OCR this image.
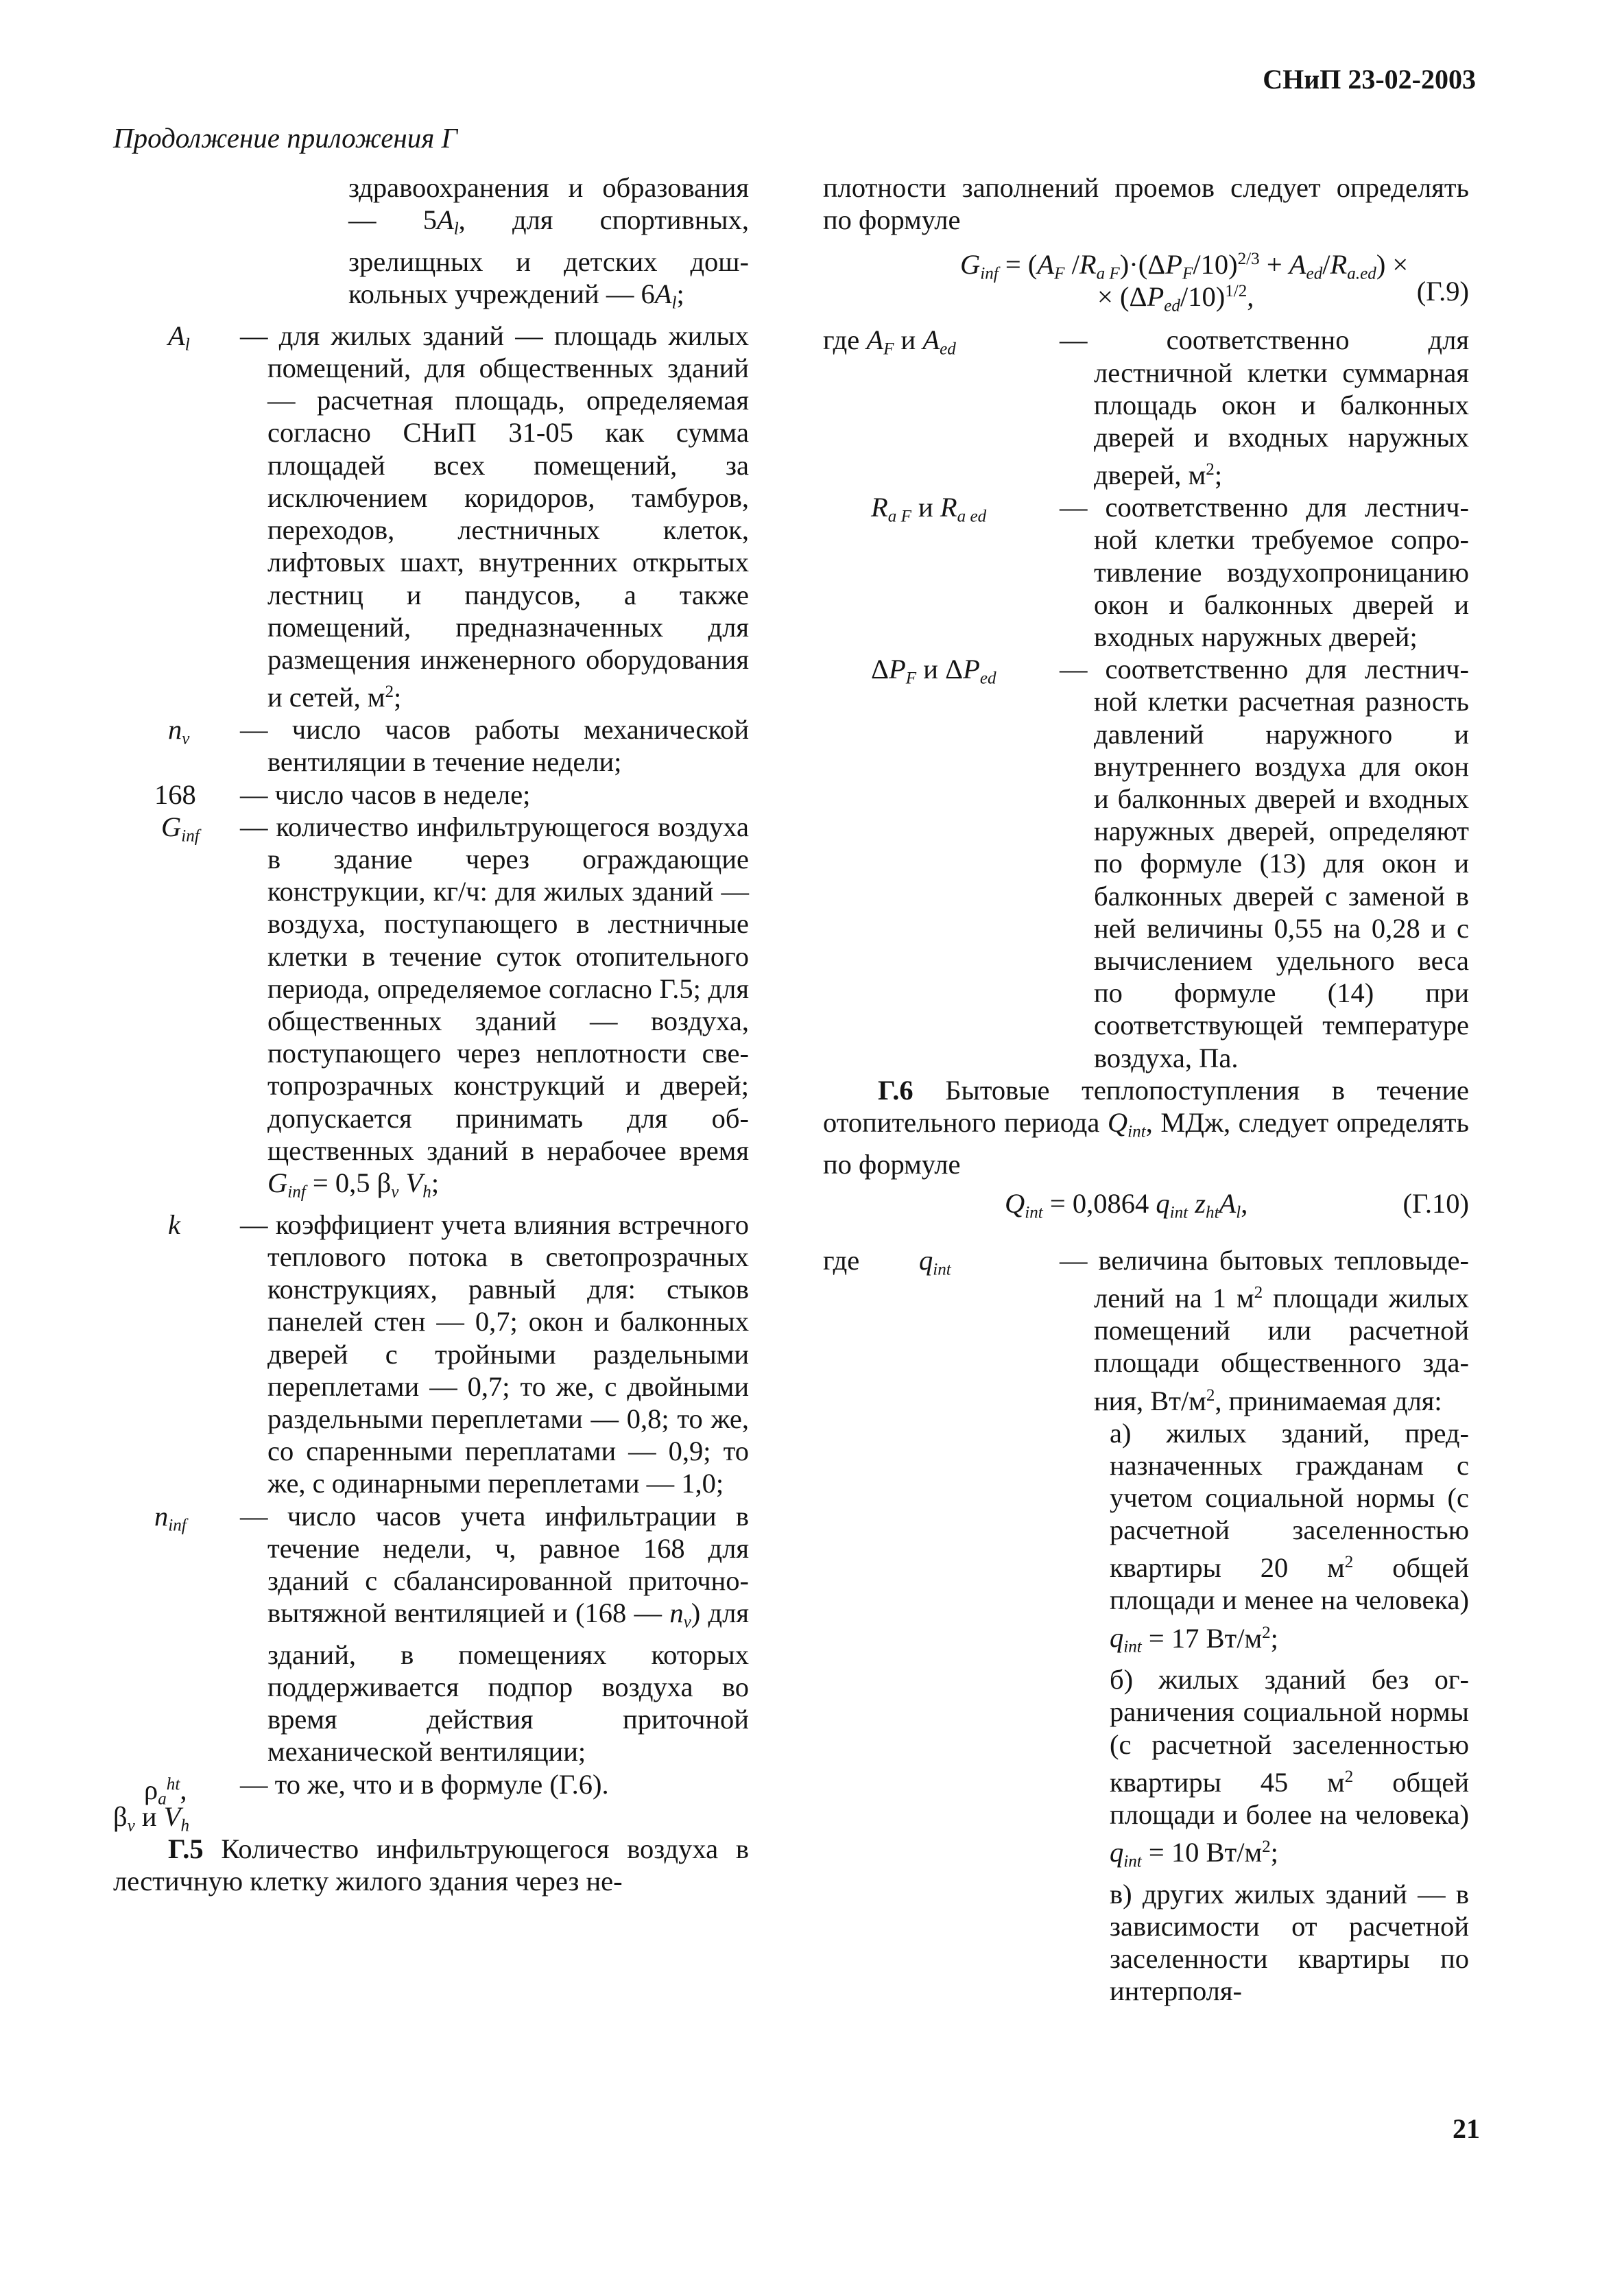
СНиП 23-02-2003
Продолжение приложения Г
21

здравоохранения и образования — $5A_l$, для спортивных, зрелищных и детских дошкольных учреждений — $6A_l$;

$A_l$ — для жилых зданий — площадь жилых помещений, для общественных зданий — расчетная площадь, определяемая согласно СНиП 31-05 как сумма площадей всех помещений, за исключением коридоров, тамбуров, переходов, лестничных клеток, лифтовых шахт, внутренних открытых лестниц и пандусов, а также помещений, предназначенных для размещения инженерного оборудования и сетей, $м^2$;

$n_v$ — число часов работы механической вентиляции в течение недели;

168 — число часов в неделе;

$G_{inf}$ — количество инфильтрующегося воздуха в здание через ограждающие конструкции, кг/ч: для жилых зданий — воздуха, поступающего в лестничные клетки в течение суток отопительного периода, определяемое согласно Г.5; для общественных зданий — воздуха, поступающего через неплотности светопрозрачных конструкций и дверей; допускается принимать для общественных зданий в нерабочее время $G_{inf} = 0,5$ $\beta_v$ $V_h$;

k — коэффициент учета влияния встречного теплового потока в светопрозрачных конструкциях, равный для: стыков панелей стен — 0,7; окон и балконных дверей с тройными раздельными переплетами — 0,7; то же, с двойными раздельными переплетами — 0,8; то же, со спаренными переплатами — 0,9; то же, с одинарными переплетами — 1,0;

$n_{inf}$ — число часов учета инфильтрации в течение недели, ч, равное 168 для зданий с сбалансированной приточно-вытяжной вентиляцией и (168 — $n_v$) для зданий, в помещениях которых поддерживается подпор воздуха во время действия приточной механической вентиляции;

$\rho_a^{ht}$,
$\beta_v$ и $V_h$

— то же, что и в формуле (Г.6).

Г.5 Количество инфильтрующегося воздуха в лестичную клетку жилого здания через не-

плотности заполнений проемов следует определять по формуле

$G_{inf} = (A_F$ $/R_{a F})\cdot(\Delta P_F/10)^{2/3} + A_{ed}/R_{a.ed}$) ×
× $(\Delta P_{ed}/10)^{1/2}$,	(Г.9)
где $A_F$ и $A_{ed}$	— соответственно для лестничной клетки суммарная площадь окон и балконных дверей и входных наружных дверей, $м^2$;

$R_{a F}$ и $R_{a ed}$	— соответственно для лестничной клетки требуемое сопротивление воздухопроницанию окон и балконных дверей и входных наружных дверей;

$\Delta P_F$ и $\Delta P_{ed}$ — соответственно для лестничной клетки расчетная разность давлений наружного и внутреннего воздуха для окон и балконных дверей и входных наружных дверей, определяют по формуле (13) для окон и балконных дверей с заменой в ней величины 0,55 на 0,28 и с вычислением удельного веса по формуле (14) при соответствующей температуре воздуха, Па.

Г.6 Бытовые теплопоступления в течение отопительного периода $Q_{int}$, МДж, следует определять по формуле

$Q_{int} = 0,0864$ $q_{int}$ $z_{ht}A_l$,	(Г.10)
где $q_{int}$	— величина бытовых тепловыделений на 1 $м^2$ площади жилых помещений или расчетной площади общественного здания, $Вт/м^2$, принимаемая для:

а) жилых зданий, предназначенных гражданам с учетом социальной нормы (с расчетной заселенностью квартиры 20 $м^2$ общей площади и менее на человека) $q_{int} = 17$ $Вт/м^2$;

б) жилых зданий без ограничения социальной нормы (с расчетной заселенностью квартиры 45 $м^2$ общей площади и более на человека) $q_{int} = 10$ $Вт/м^2$;

в) других жилых зданий — в зависимости от расчетной заселенности квартиры по интерполя-
